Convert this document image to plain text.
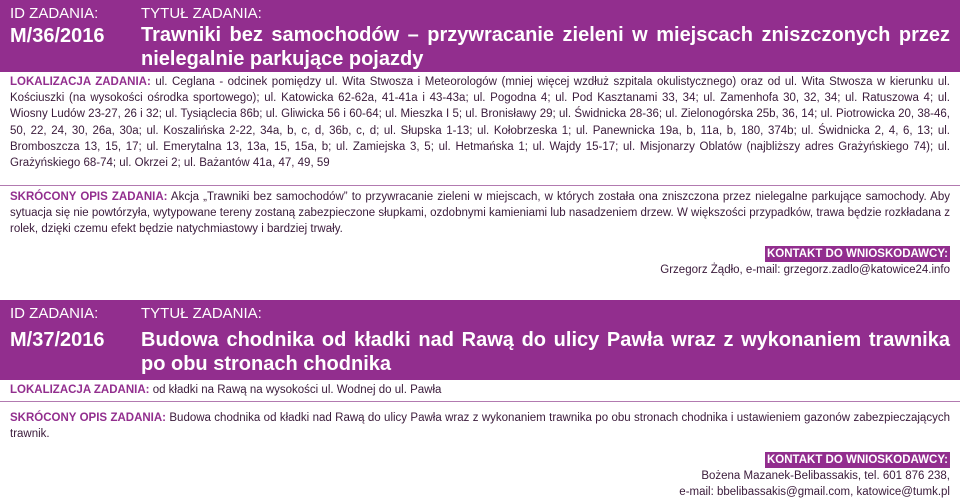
ID ZADANIA:	TYTUŁ ZADANIA:
M/36/2016 Trawniki bez samochodów – przywracanie zieleni w miejscach zniszczonych przez nielegalnie parkujące pojazdy
LOKALIZACJA ZADANIA: ul. Ceglana - odcinek pomiędzy ul. Wita Stwosza i Meteorologów (mniej więcej wzdłuż szpitala okulistycznego) oraz od ul. Wita Stwosza w kierunku ul. Kościuszki (na wysokości ośrodka sportowego); ul. Katowicka 62-62a, 41-41a i 43-43a; ul. Pogodna 4; ul. Pod Kasztanami 33, 34; ul. Zamenhofa 30, 32, 34; ul. Ratuszowa 4; ul. Wiosny Ludów 23-27, 26 i 32; ul. Tysiąclecia 86b; ul. Gliwicka 56 i 60-64; ul. Mieszka I 5; ul. Bronisławy 29; ul. Świdnicka 28-36; ul. Zielonogórska 25b, 36, 14; ul. Piotrowicka 20, 38-46, 50, 22, 24, 30, 26a, 30a; ul. Koszalińska 2-22, 34a, b, c, d, 36b, c, d; ul. Słupska 1-13; ul. Kołobrzeska 1; ul. Panewnicka 19a, b, 11a, b, 180, 374b; ul. Świdnicka 2, 4, 6, 13; ul. Bromboszcza 13, 15, 17; ul. Emerytalna 13, 13a, 15, 15a, b; ul. Zamiejska 3, 5; ul. Hetmańska 1; ul. Wajdy 15-17; ul. Misjonarzy Oblatów (najbliższy adres Grażyńskiego 74); ul. Grażyńskiego 68-74; ul. Okrzei 2; ul. Bażantów 41a, 47, 49, 59
SKRÓCONY OPIS ZADANIA: Akcja „Trawniki bez samochodów” to przywracanie zieleni w miejscach, w których została ona zniszczona przez nielegalne parkujące samochody. Aby sytuacja się nie powtórzyła, wytypowane tereny zostaną zabezpieczone słupkami, ozdobnymi kamieniami lub nasadzeniem drzew. W większości przypadków, trawa będzie rozkładana z rolek, dzięki czemu efekt będzie natychmiastowy i bardziej trwały.
KONTAKT DO WNIOSKODAWCY:
Grzegorz Żądło, e-mail: grzegorz.zadlo@katowice24.info
ID ZADANIA:	TYTUŁ ZADANIA:
M/37/2016 Budowa chodnika od kładki nad Rawą do ulicy Pawła wraz z wykonaniem trawnika po obu stronach chodnika
LOKALIZACJA ZADANIA: od kładki na Rawą na wysokości ul. Wodnej do ul. Pawła
SKRÓCONY OPIS ZADANIA: Budowa chodnika od kładki nad Rawą do ulicy Pawła wraz z wykonaniem trawnika po obu stronach chodnika i ustawieniem gazonów zabezpieczających trawnik.
KONTAKT DO WNIOSKODAWCY:
Bożena Mazanek-Belibassakis, tel. 601 876 238,
e-mail: bbelibassakis@gmail.com, katowice@tumk.pl
